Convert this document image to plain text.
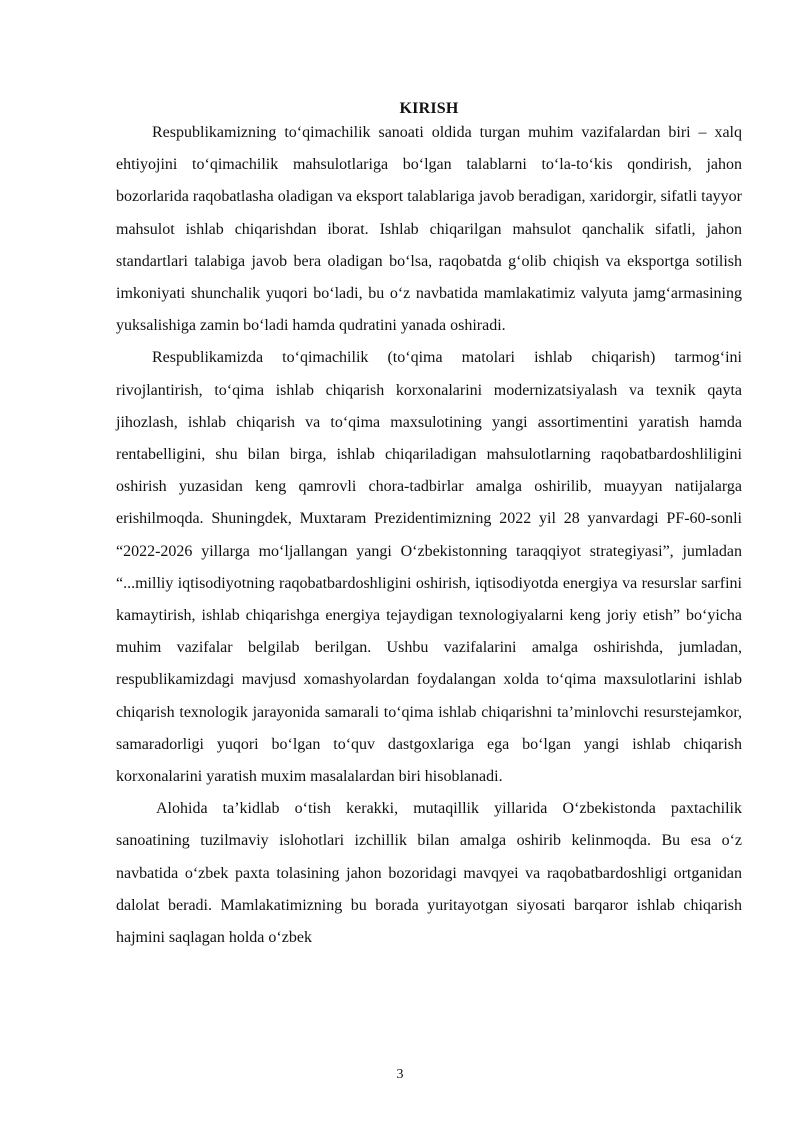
KIRISH

Respublikamizning to‘qimachilik sanoati oldida turgan muhim vazifalardan biri – xalq ehtiyojini to‘qimachilik mahsulotlariga bo‘lgan talablarni to‘la-to‘kis qondirish, jahon bozorlarida raqobatlasha oladigan va eksport talablariga javob beradigan, xaridorgir, sifatli tayyor mahsulot ishlab chiqarishdan iborat. Ishlab chiqarilgan mahsulot qanchalik sifatli, jahon standartlari talabiga javob bera oladigan bo‘lsa, raqobatda g‘olib chiqish va eksportga sotilish imkoniyati shunchalik yuqori bo‘ladi, bu o‘z navbatida mamlakatimiz valyuta jamg‘armasining yuksalishiga zamin bo‘ladi hamda qudratini yanada oshiradi.

Respublikamizda to‘qimachilik (to‘qima matolari ishlab chiqarish) tarmog‘ini rivojlantirish, to‘qima ishlab chiqarish korxonalarini modernizatsiyalash va texnik qayta jihozlash, ishlab chiqarish va to‘qima maxsulotining yangi assortimentini yaratish hamda rentabelligini, shu bilan birga, ishlab chiqariladigan mahsulotlarning raqobatbardoshliligini oshirish yuzasidan keng qamrovli chora-tadbirlar amalga oshirilib, muayyan natijalarga erishilmoqda. Shuningdek, Muxtaram Prezidentimizning 2022 yil 28 yanvardagi PF-60-sonli “2022-2026 yillarga mo‘ljallangan yangi O‘zbekistonning taraqqiyot strategiyasi”, jumladan “...milliy iqtisodiyotning raqobatbardoshligini oshirish, iqtisodiyotda energiya va resurslar sarfini kamaytirish, ishlab chiqarishga energiya tejaydigan texnologiyalarni keng joriy etish” bo‘yicha muhim vazifalar belgilab berilgan. Ushbu vazifalarini amalga oshirishda, jumladan, respublikamizdagi mavjusd xomashyolardan foydalangan xolda to‘qima maxsulotlarini ishlab chiqarish texnologik jarayonida samarali to‘qima ishlab chiqarishni ta’minlovchi resurstejamkor, samaradorligi yuqori bo‘lgan to‘quv dastgoxlariga ega bo‘lgan yangi ishlab chiqarish korxonalarini yaratish muxim masalalardan biri hisoblanadi.

Alohida ta’kidlab o‘tish kerakki, mutaqillik yillarida O‘zbekistonda paxtachilik sanoatining tuzilmaviy islohotlari izchillik bilan amalga oshirib kelinmoqda. Bu esa o‘z navbatida o‘zbek paxta tolasining jahon bozoridagi mavqyei va raqobatbardoshligi ortganidan dalolat beradi. Mamlakatimizning bu borada yuritayotgan siyosati barqaror ishlab chiqarish hajmini saqlagan holda o‘zbek

3
